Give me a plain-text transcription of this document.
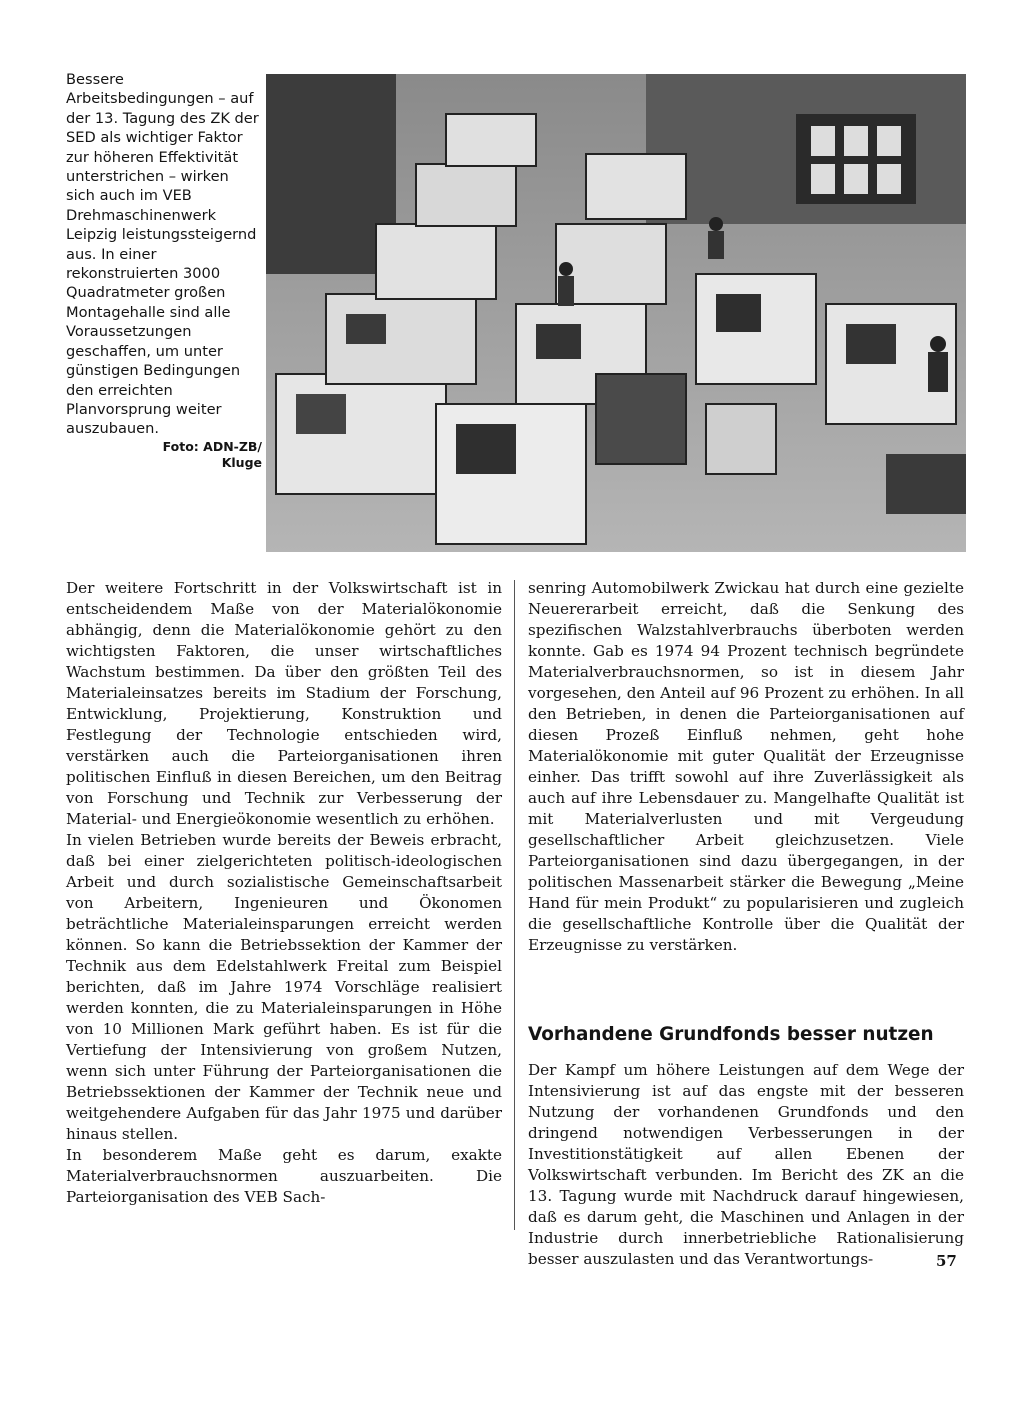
Bessere Arbeitsbedingungen – auf der 13. Tagung des ZK der SED als wichtiger Faktor zur höheren Effektivität unterstrichen – wirken sich auch im VEB Drehmaschinenwerk Leipzig leistungssteigernd aus. In einer rekonstruierten 3000 Quadratmeter großen Montagehalle sind alle Voraussetzungen geschaffen, um unter günstigen Bedingungen den erreichten Planvorsprung weiter auszubauen.
Foto: ADN-ZB/
Kluge

Der weitere Fortschritt in der Volkswirtschaft ist in entscheidendem Maße von der Materialökonomie abhängig, denn die Materialökonomie gehört zu den wichtigsten Faktoren, die unser wirtschaftliches Wachstum bestimmen. Da über den größten Teil des Materialeinsatzes bereits im Stadium der Forschung, Entwicklung, Projektierung, Konstruktion und Festlegung der Technologie entschieden wird, verstärken auch die Parteiorganisationen ihren politischen Einfluß in diesen Bereichen, um den Beitrag von Forschung und Technik zur Verbesserung der Material- und Energieökonomie wesentlich zu erhöhen.

In vielen Betrieben wurde bereits der Beweis erbracht, daß bei einer zielgerichteten politisch-ideologischen Arbeit und durch sozialistische Gemeinschaftsarbeit von Arbeitern, Ingenieuren und Ökonomen beträchtliche Materialeinsparungen erreicht werden können. So kann die Betriebssektion der Kammer der Technik aus dem Edelstahlwerk Freital zum Beispiel berichten, daß im Jahre 1974 Vorschläge realisiert werden konnten, die zu Materialeinsparungen in Höhe von 10 Millionen Mark geführt haben. Es ist für die Vertiefung der Intensivierung von großem Nutzen, wenn sich unter Führung der Parteiorganisationen die Betriebssektionen der Kammer der Technik neue und weitgehendere Aufgaben für das Jahr 1975 und darüber hinaus stellen.

In besonderem Maße geht es darum, exakte Materialverbrauchsnormen auszuarbeiten. Die Parteiorganisation des VEB Sach-

senring Automobilwerk Zwickau hat durch eine gezielte Neuererarbeit erreicht, daß die Senkung des spezifischen Walzstahlverbrauchs überboten werden konnte. Gab es 1974 94 Prozent technisch begründete Materialverbrauchsnormen, so ist in diesem Jahr vorgesehen, den Anteil auf 96 Prozent zu erhöhen. In all den Betrieben, in denen die Parteiorganisationen auf diesen Prozeß Einfluß nehmen, geht hohe Materialökonomie mit guter Qualität der Erzeugnisse einher. Das trifft sowohl auf ihre Zuverlässigkeit als auch auf ihre Lebensdauer zu. Mangelhafte Qualität ist mit Materialverlusten und mit Vergeudung gesellschaftlicher Arbeit gleichzusetzen. Viele Parteiorganisationen sind dazu übergegangen, in der politischen Massenarbeit stärker die Bewegung „Meine Hand für mein Produkt“ zu popularisieren und zugleich die gesellschaftliche Kontrolle über die Qualität der Erzeugnisse zu verstärken.

Vorhandene Grundfonds besser nutzen

Der Kampf um höhere Leistungen auf dem Wege der Intensivierung ist auf das engste mit der besseren Nutzung der vorhandenen Grundfonds und den dringend notwendigen Verbesserungen in der Investitionstätigkeit auf allen Ebenen der Volkswirtschaft verbunden. Im Bericht des ZK an die 13. Tagung wurde mit Nachdruck darauf hingewiesen, daß es darum geht, die Maschinen und Anlagen in der Industrie durch innerbetriebliche Rationalisierung besser auszulasten und das Verantwortungs-	57
